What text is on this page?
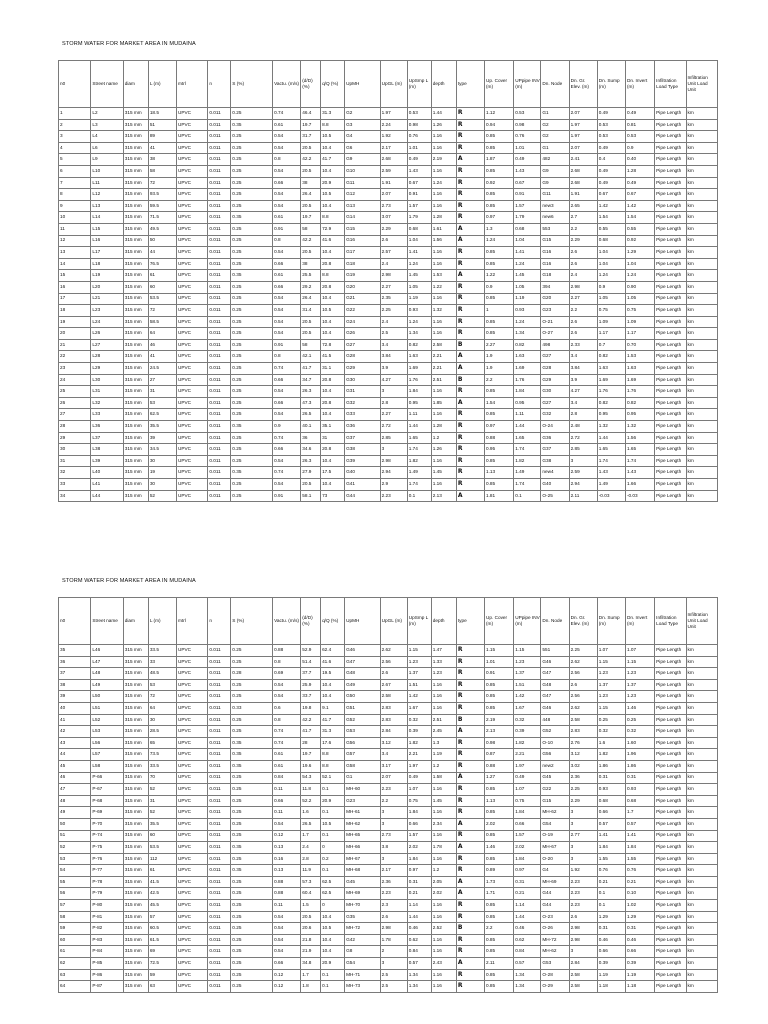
STORM WATER FOR MARKET AREA IN MUDAINA
n0	Street name	diam	L (m)	mtrl	n	S (%)	Vactu. (m/s)	(d/D) (%)	q/Q (%)	UpMH	UpGL (m)	UpSmp L (m)	depth	type	Up. Cover (m)	UPpipe INV (m)	Dn. Node	Dn. Gr. Elev. (m)	Dn. Sump (m)	Dn. Invert (m)	Infiltration Load Type	Infiltration Unit Load Unit
1	L2	315 mm	18.5	UPVC	0.011	0.25	0.74	46.4	31.3	G2	1.97	0.53	1.44	R	1.12	0.53	G1	2.07	0.49	0.49	Pipe Length	km
2	L3	315 mm	51	UPVC	0.011	0.35	0.61	19.7	8.8	G3	2.24	0.98	1.26	R	0.94	0.98	G2	1.97	0.53	0.81	Pipe Length	km
3	L4	315 mm	89	UPVC	0.011	0.25	0.54	31.7	10.5	G4	1.92	0.76	1.16	R	0.85	0.76	G2	1.97	0.53	0.53	Pipe Length	km
4	L6	315 mm	41	UPVC	0.011	0.25	0.54	20.5	10.4	G6	2.17	1.01	1.16	R	0.85	1.01	G1	2.07	0.49	0.9	Pipe Length	km
5	L9	315 mm	38	UPVC	0.011	0.25	0.8	42.2	41.7	G9	2.68	0.49	2.19	A	1.87	0.49	482	2.41	0.4	0.40	Pipe Length	km
6	L10	315 mm	58	UPVC	0.011	0.25	0.54	20.5	10.4	G10	2.59	1.43	1.16	R	0.85	1.43	G9	2.68	0.49	1.28	Pipe Length	km
7	L11	315 mm	72	UPVC	0.011	0.25	0.66	38	20.9	G11	1.91	0.67	1.24	R	0.92	0.67	G9	2.68	0.49	0.49	Pipe Length	km
8	L12	315 mm	93.5	UPVC	0.011	0.25	0.54	26.4	10.5	G12	2.07	0.91	1.16	R	0.85	0.91	G11	1.91	0.67	0.67	Pipe Length	km
9	L13	315 mm	59.5	UPVC	0.011	0.25	0.54	20.5	10.4	G13	2.73	1.57	1.16	R	0.85	1.57	new3	2.65	1.42	1.42	Pipe Length	km
10	L14	315 mm	71.5	UPVC	0.011	0.35	0.61	19.7	8.8	G14	3.07	1.79	1.28	R	0.97	1.79	new6	2.7	1.54	1.54	Pipe Length	km
11	L15	315 mm	49.5	UPVC	0.011	0.25	0.91	58	72.9	G15	2.29	0.68	1.61	A	1.3	0.68	553	2.2	0.55	0.55	Pipe Length	km
12	L16	315 mm	50	UPVC	0.011	0.25	0.8	42.2	41.6	G16	2.6	1.04	1.56	A	1.24	1.04	G15	2.29	0.68	0.92	Pipe Length	km
13	L17	315 mm	44	UPVC	0.011	0.25	0.54	20.5	10.4	G17	2.57	1.41	1.16	R	0.85	1.41	G16	2.6	1.04	1.29	Pipe Length	km
14	L18	315 mm	76.5	UPVC	0.011	0.25	0.66	38	20.8	G18	2.4	1.24	1.16	R	0.85	1.24	G16	2.6	1.04	1.04	Pipe Length	km
15	L19	315 mm	61	UPVC	0.011	0.35	0.61	25.5	8.8	G19	2.98	1.45	1.53	A	1.22	1.45	G18	2.4	1.24	1.24	Pipe Length	km
16	L20	315 mm	60	UPVC	0.011	0.25	0.66	29.2	20.8	G20	2.27	1.05	1.22	R	0.9	1.05	394	2.98	0.9	0.90	Pipe Length	km
17	L21	315 mm	53.5	UPVC	0.011	0.25	0.54	26.4	10.4	G21	2.35	1.19	1.16	R	0.85	1.19	G20	2.27	1.05	1.05	Pipe Length	km
18	L23	315 mm	72	UPVC	0.011	0.25	0.54	31.4	10.5	G22	2.25	0.93	1.32	R	1	0.93	G23	2.2	0.75	0.75	Pipe Length	km
19	L24	315 mm	58.5	UPVC	0.011	0.25	0.54	20.5	10.4	G24	2.4	1.24	1.16	R	0.85	1.24	O-21	2.6	1.09	1.09	Pipe Length	km
20	L26	315 mm	64	UPVC	0.011	0.25	0.54	20.5	10.4	G26	2.5	1.34	1.16	R	0.85	1.34	O-27	2.6	1.17	1.17	Pipe Length	km
21	L27	315 mm	46	UPVC	0.011	0.25	0.91	58	72.8	G27	3.4	0.82	2.58	B	2.27	0.82	498	2.33	0.7	0.70	Pipe Length	km
22	L28	315 mm	41	UPVC	0.011	0.25	0.8	42.1	41.5	G28	3.84	1.63	2.21	A	1.9	1.63	G27	3.4	0.82	1.53	Pipe Length	km
23	L29	315 mm	24.5	UPVC	0.011	0.25	0.74	41.7	31.1	G29	3.9	1.69	2.21	A	1.9	1.69	G28	3.84	1.63	1.63	Pipe Length	km
24	L30	315 mm	27	UPVC	0.011	0.25	0.66	34.7	20.8	G30	4.27	1.76	2.51	B	2.2	1.76	G29	3.9	1.69	1.69	Pipe Length	km
25	L31	315 mm	31	UPVC	0.011	0.25	0.54	26.3	10.4	G31	3	1.84	1.16	R	0.85	1.84	G30	4.27	1.76	1.76	Pipe Length	km
26	L32	315 mm	53	UPVC	0.011	0.25	0.66	47.3	20.8	G32	2.8	0.95	1.85	A	1.54	0.95	G27	3.4	0.82	0.82	Pipe Length	km
27	L33	315 mm	62.5	UPVC	0.011	0.25	0.54	26.5	10.4	G33	2.27	1.11	1.16	R	0.85	1.11	G32	2.8	0.95	0.95	Pipe Length	km
28	L36	315 mm	35.5	UPVC	0.011	0.35	0.9	40.1	35.1	G36	2.72	1.44	1.28	R	0.97	1.44	O-24	2.48	1.32	1.32	Pipe Length	km
29	L37	315 mm	39	UPVC	0.011	0.25	0.74	36	31	G37	2.85	1.65	1.2	R	0.88	1.65	G36	2.72	1.44	1.56	Pipe Length	km
30	L38	315 mm	34.5	UPVC	0.011	0.25	0.66	34.6	20.8	G38	3	1.74	1.26	R	0.95	1.74	G37	2.85	1.65	1.65	Pipe Length	km
31	L39	315 mm	30	UPVC	0.011	0.25	0.54	26.3	10.4	G39	2.98	1.82	1.16	R	0.85	1.82	G38	3	1.74	1.74	Pipe Length	km
32	L40	315 mm	19	UPVC	0.011	0.35	0.74	27.9	17.5	G40	2.94	1.49	1.45	R	1.13	1.49	new4	2.59	1.43	1.43	Pipe Length	km
33	L41	315 mm	30	UPVC	0.011	0.25	0.54	20.5	10.4	G41	2.9	1.74	1.16	R	0.85	1.74	G40	2.94	1.49	1.66	Pipe Length	km
34	L44	315 mm	52	UPVC	0.011	0.25	0.91	58.1	73	G44	2.23	0.1	2.13	A	1.81	0.1	O-25	2.11	-0.03	-0.03	Pipe Length	km
STORM WATER FOR MARKET AREA IN MUDAINA
n0	Street name	diam	L (m)	mtrl	n	S (%)	Vactu. (m/s)	(d/D) (%)	q/Q (%)	UpMH	UpGL (m)	UpSmp L (m)	depth	type	Up. Cover (m)	UPpipe INV (m)	Dn. Node	Dn. Gr. Elev. (m)	Dn. Sump (m)	Dn. Invert (m)	Infiltration Load Type	Infiltration Unit Load Unit
35	L46	315 mm	33.5	UPVC	0.011	0.25	0.88	52.9	62.4	G46	2.62	1.15	1.47	R	1.15	1.15	551	2.25	1.07	1.07	Pipe Length	km
36	L47	315 mm	33	UPVC	0.011	0.25	0.8	51.4	41.6	G47	2.56	1.23	1.33	R	1.01	1.23	G46	2.62	1.15	1.15	Pipe Length	km
37	L48	315 mm	48.5	UPVC	0.011	0.28	0.69	37.7	19.5	G48	2.6	1.37	1.23	R	0.91	1.37	G47	2.56	1.23	1.23	Pipe Length	km
38	L49	315 mm	53	UPVC	0.011	0.25	0.54	25.9	10.4	G49	2.67	1.51	1.16	R	0.85	1.51	G48	2.6	1.37	1.37	Pipe Length	km
39	L50	315 mm	72	UPVC	0.011	0.25	0.54	33.7	10.4	G50	2.58	1.42	1.16	R	0.85	1.42	G47	2.56	1.23	1.23	Pipe Length	km
40	L51	315 mm	64	UPVC	0.011	0.33	0.6	19.8	9.1	G51	2.83	1.67	1.16	R	0.85	1.67	G46	2.62	1.15	1.46	Pipe Length	km
41	L52	315 mm	30	UPVC	0.011	0.25	0.8	42.2	41.7	G52	2.83	0.32	2.51	B	2.19	0.32	448	2.58	0.25	0.25	Pipe Length	km
42	L53	315 mm	28.5	UPVC	0.011	0.25	0.74	41.7	31.3	G53	2.84	0.39	2.45	A	2.13	0.39	G52	2.83	0.32	0.32	Pipe Length	km
43	L56	315 mm	65	UPVC	0.011	0.35	0.74	28	17.6	G56	3.12	1.82	1.3	R	0.98	1.82	O-10	2.76	1.6	1.60	Pipe Length	km
44	L57	315 mm	73.5	UPVC	0.011	0.35	0.61	19.7	8.8	G57	3.4	2.21	1.19	R	0.87	2.21	G56	3.12	1.82	1.96	Pipe Length	km
45	L58	315 mm	33.5	UPVC	0.011	0.35	0.61	19.6	8.8	G58	3.17	1.97	1.2	R	0.88	1.97	new2	3.02	1.86	1.86	Pipe Length	km
46	P-66	315 mm	70	UPVC	0.011	0.25	0.84	54.3	52.1	G1	2.07	0.49	1.58	A	1.27	0.49	G45	2.36	0.31	0.31	Pipe Length	km
47	P-67	315 mm	52	UPVC	0.011	0.25	0.11	11.8	0.1	MH-60	2.23	1.07	1.16	R	0.85	1.07	G22	2.25	0.93	0.93	Pipe Length	km
48	P-68	315 mm	31	UPVC	0.011	0.25	0.66	52.2	20.9	G23	2.2	0.75	1.45	R	1.13	0.75	G15	2.29	0.68	0.68	Pipe Length	km
49	P-69	315 mm	52	UPVC	0.011	0.25	0.11	1.6	0.1	MH-61	3	1.84	1.16	R	0.85	1.84	MH-62	3	0.66	1.7	Pipe Length	km
50	P-70	315 mm	35.5	UPVC	0.011	0.25	0.54	26.5	10.5	MH-62	3	0.66	2.34	A	2.02	0.66	G54	3	0.57	0.57	Pipe Length	km
51	P-74	315 mm	60	UPVC	0.011	0.25	0.12	1.7	0.1	MH-65	2.73	1.57	1.16	R	0.85	1.57	O-19	2.77	1.41	1.41	Pipe Length	km
52	P-75	315 mm	53.5	UPVC	0.011	0.35	0.13	2.4	0	MH-66	3.8	2.02	1.78	A	1.46	2.02	MH-67	3	1.84	1.84	Pipe Length	km
53	P-76	315 mm	112	UPVC	0.011	0.25	0.16	2.8	0.2	MH-67	3	1.84	1.16	R	0.85	1.84	O-20	3	1.55	1.55	Pipe Length	km
54	P-77	315 mm	61	UPVC	0.011	0.35	0.13	11.9	0.1	MH-68	2.17	0.97	1.2	R	0.89	0.97	G4	1.92	0.76	0.76	Pipe Length	km
55	P-78	315 mm	41.5	UPVC	0.011	0.25	0.88	57.3	62.5	G45	2.36	0.31	2.05	A	1.73	0.31	MH-69	2.23	0.21	0.21	Pipe Length	km
56	P-79	315 mm	42.5	UPVC	0.011	0.25	0.88	60.4	62.5	MH-69	2.23	0.21	2.02	A	1.71	0.21	G44	2.23	0.1	0.10	Pipe Length	km
57	P-80	315 mm	45.5	UPVC	0.011	0.25	0.11	1.5	0	MH-70	2.3	1.14	1.16	R	0.85	1.14	G44	2.23	0.1	1.02	Pipe Length	km
58	P-81	315 mm	57	UPVC	0.011	0.25	0.54	20.5	10.4	G35	2.6	1.44	1.16	R	0.85	1.44	O-23	2.6	1.29	1.29	Pipe Length	km
59	P-82	315 mm	60.5	UPVC	0.011	0.25	0.54	20.6	10.5	MH-72	2.98	0.46	2.52	B	2.2	0.46	O-26	2.98	0.31	0.31	Pipe Length	km
60	P-83	315 mm	61.5	UPVC	0.011	0.25	0.54	21.8	10.4	G42	1.78	0.62	1.16	R	0.85	0.62	MH-72	2.98	0.46	0.46	Pipe Length	km
61	P-84	315 mm	69	UPVC	0.011	0.25	0.54	21.9	10.4	G8	2	0.84	1.16	R	0.85	0.84	MH-62	3	0.66	0.66	Pipe Length	km
62	P-85	315 mm	72.5	UPVC	0.011	0.25	0.66	34.8	20.9	G54	3	0.57	2.43	A	2.11	0.57	G53	2.84	0.39	0.39	Pipe Length	km
63	P-86	315 mm	59	UPVC	0.011	0.25	0.12	1.7	0.1	MH-71	2.5	1.34	1.16	R	0.85	1.34	O-28	2.58	1.19	1.19	Pipe Length	km
64	P-87	315 mm	63	UPVC	0.011	0.25	0.12	1.8	0.1	MH-73	2.5	1.34	1.16	R	0.85	1.34	O-29	2.58	1.18	1.18	Pipe Length	km
